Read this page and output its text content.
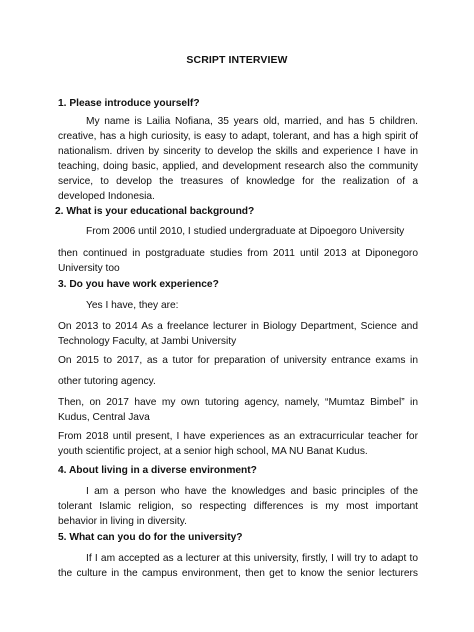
SCRIPT INTERVIEW
1. Please introduce yourself?
My name is Lailia Nofiana, 35 years old, married, and has 5 children.
creative, has a high curiosity, is easy to adapt, tolerant, and has a high spirit of
nationalism. driven by sincerity to develop the skills and experience I have in
teaching, doing basic, applied, and development research also the community
service, to develop the treasures of knowledge for the realization of a
developed Indonesia.
2. What is your educational background?
From 2006 until 2010, I studied undergraduate at Dipoegoro University
then continued in postgraduate studies from 2011 until 2013 at Diponegoro
University too
3. Do you have work experience?
Yes I have, they are:
On 2013 to 2014 As a freelance lecturer in Biology Department, Science and
Technology Faculty, at Jambi University
On 2015 to 2017, as a tutor for preparation of university entrance exams in
other tutoring agency.
Then, on 2017 have my own tutoring agency, namely, “Mumtaz Bimbel” in
Kudus, Central Java
From 2018 until present, I have experiences as an extracurricular teacher for
youth scientific project, at a senior high school, MA NU Banat Kudus.
4. About living in a diverse environment?
I am a person who have the knowledges and basic principles of the
tolerant Islamic religion, so respecting differences is my most important
behavior in living in diversity.
5. What can you do for the university?
If I am accepted as a lecturer at this university, firstly, I will try to adapt to
the culture in the campus environment, then get to know the senior lecturers
